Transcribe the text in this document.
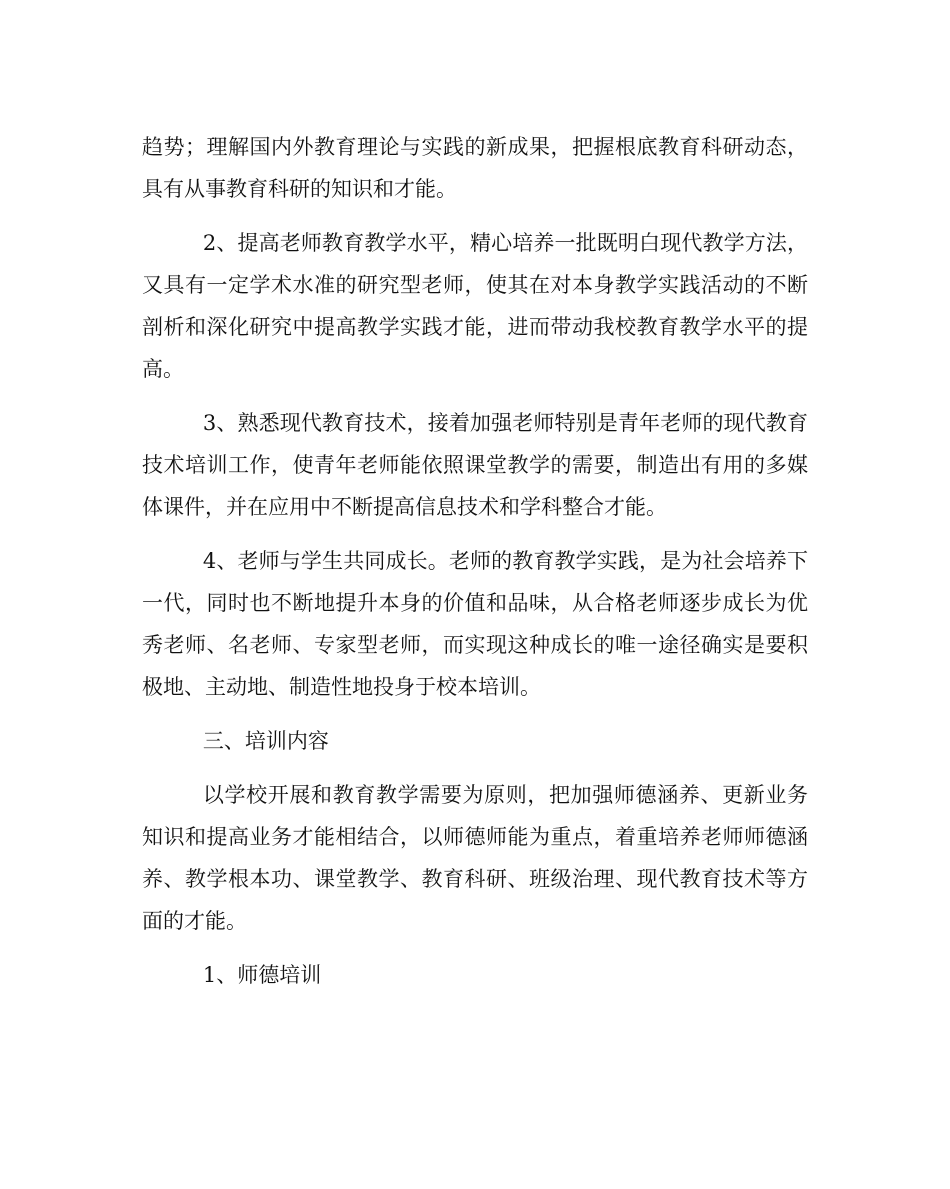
趋势；理解国内外教育理论与实践的新成果，把握根底教育科研动态，具有从事教育科研的知识和才能。

2、提高老师教育教学水平，精心培养一批既明白现代教学方法，又具有一定学术水准的研究型老师，使其在对本身教学实践活动的不断剖析和深化研究中提高教学实践才能，进而带动我校教育教学水平的提高。

3、熟悉现代教育技术，接着加强老师特别是青年老师的现代教育技术培训工作，使青年老师能依照课堂教学的需要，制造出有用的多媒体课件，并在应用中不断提高信息技术和学科整合才能。

4、老师与学生共同成长。老师的教育教学实践，是为社会培养下一代，同时也不断地提升本身的价值和品味，从合格老师逐步成长为优秀老师、名老师、专家型老师，而实现这种成长的唯一途径确实是要积极地、主动地、制造性地投身于校本培训。

三、培训内容

以学校开展和教育教学需要为原则，把加强师德涵养、更新业务知识和提高业务才能相结合，以师德师能为重点，着重培养老师师德涵养、教学根本功、课堂教学、教育科研、班级治理、现代教育技术等方面的才能。

1、师德培训
